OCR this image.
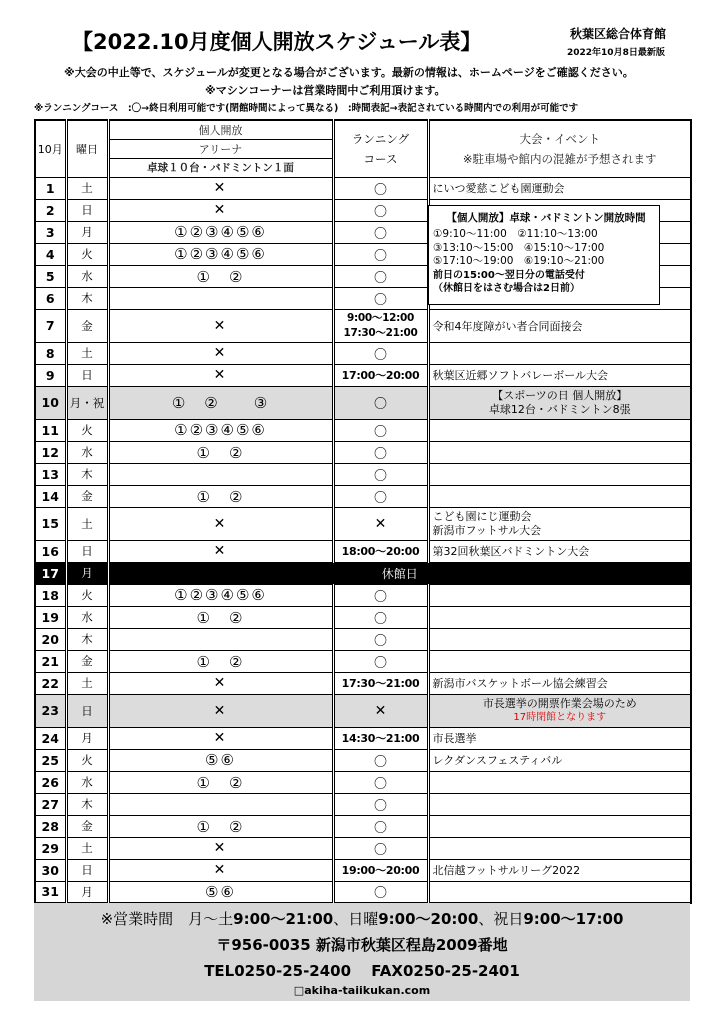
【2022.10月度個人開放スケジュール表】	秋葉区総合体育館
2022年10月8日最新版
※大会の中止等で、スケジュールが変更となる場合がございます。最新の情報は、ホームページをご確認ください。
※マシンコーナーは営業時間中ご利用頂けます。
※ランニングコース　:〇→終日利用可能です(閉館時間によって異なる)　:時間表記→表記されている時間内での利用が可能です
10月	曜日	個人開放	ランニング
コース	大会・イベント
※駐車場や館内の混雑が予想されます
		アリーナ		
		卓球１０台・バドミントン１面		
1	土	✕	〇	にいつ愛慈こども園運動会
2	日	✕	〇	
3	月	①②③④⑤⑥	〇	
4	火	①②③④⑤⑥	〇	
5	水	①　②	〇	
6	木		〇	
7	金	✕	9:00～12:00
17:30～21:00	令和4年度障がい者合同面接会
8	土	✕	〇	
9	日	✕	17:00～20:00	秋葉区近郷ソフトバレーボール大会
10	月・祝	①　②　　③	〇	【スポーツの日 個人開放】
卓球12台・バドミントン8張

11	火	①②③④⑤⑥	〇	
12	水	①　②	〇	
13	木		〇	
14	金	①　②	〇	
15	土	✕	✕	こども園にじ運動会
新潟市フットサル大会

16	日	✕	18:00～20:00	第32回秋葉区バドミントン大会
17	月	休館日		
18	火	①②③④⑤⑥	〇	
19	水	①　②	〇	
20	木		〇	
21	金	①　②	〇	
22	土	✕	17:30～21:00	新潟市バスケットボール協会練習会
23	日	✕	✕	市長選挙の開票作業会場のため
17時閉館となります

24	月	✕	14:30～21:00	市長選挙
25	火	⑤⑥	〇	レクダンスフェスティバル
26	水	①　②	〇	
27	木		〇	
28	金	①　②	〇	
29	土	✕	〇	
30	日	✕	19:00～20:00	北信越フットサルリーグ2022
31	月	⑤⑥	〇	
【個人開放】卓球・バドミントン開放時間
①9:10～11:00　②11:10～13:00
③13:10～15:00　④15:10～17:00
⑤17:10～19:00　⑥19:10～21:00
前日の15:00～翌日分の電話受付
（休館日をはさむ場合は2日前）
※営業時間　月～土9:00～21:00、日曜9:00～20:00、祝日9:00～17:00
〒956-0035 新潟市秋葉区程島2009番地
TEL0250-25-2400　 FAX0250-25-2401
□akiha-taiikukan.com
